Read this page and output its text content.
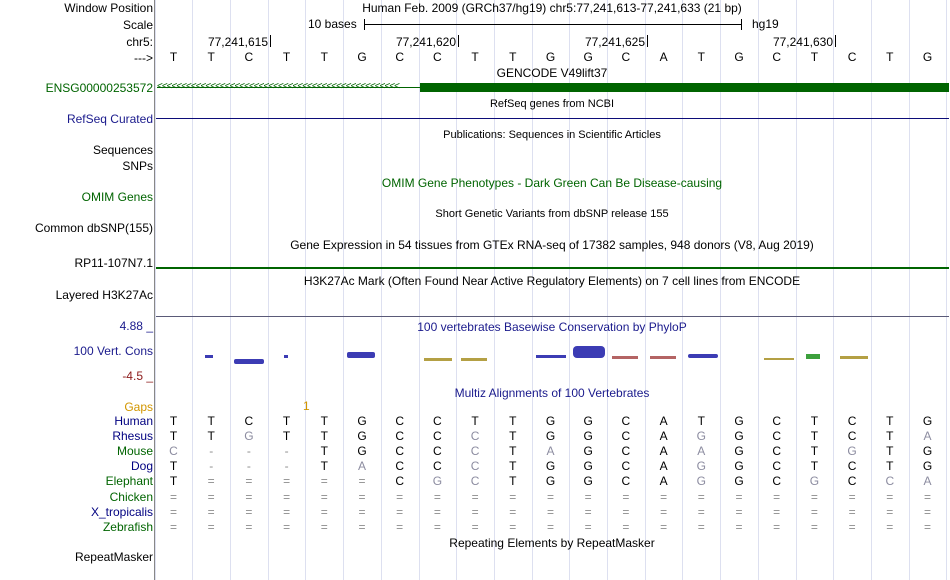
Window Position	Human Feb. 2009 (GRCh37/hg19) chr5:77,241,613-77,241,633 (21 bp)
Scale	10 bases	hg19
chr5:	77,241,615	77,241,620	77,241,625	77,241,630
--->	T	T	C	T	T	G	C	C	T	T	G	G	C	A	T	G	C	T	C	T	G
GENCODE V49lift37
ENSG00000253572
RefSeq genes from NCBI
RefSeq Curated
Publications: Sequences in Scientific Articles
Sequences
SNPs
OMIM Gene Phenotypes - Dark Green Can Be Disease-causing
OMIM Genes
Short Genetic Variants from dbSNP release 155
Common dbSNP(155)
Gene Expression in 54 tissues from GTEx RNA-seq of 17382 samples, 948 donors (V8, Aug 2019)
RP11-107N7.1
H3K27Ac Mark (Often Found Near Active Regulatory Elements) on 7 cell lines from ENCODE
Layered H3K27Ac
100 vertebrates Basewise Conservation by PhyloP
4.88 _
100 Vert. Cons
-4.5 _
Multiz Alignments of 100 Vertebrates
Gaps	1
Human	T	T	C	T	T	G	C	C	T	T	G	G	C	A	T	G	C	T	C	T	G
Rhesus	T	T	G	T	T	G	C	C	C	T	G	G	C	A	G	G	C	T	C	T	A
Mouse	C	-	-	-	T	G	C	C	C	T	A	G	C	A	A	G	C	T	G	T	G
Dog	T	-	-	-	T	A	C	C	C	T	G	G	C	A	G	G	C	T	C	T	G
Elephant	T	=	=	=	=	=	C	G	C	T	G	G	C	A	G	G	C	G	C	C	A
Chicken	=	=	=	=	=	=	=	=	=	=	=	=	=	=	=	=	=	=	=	=	=
X_tropicalis	=	=	=	=	=	=	=	=	=	=	=	=	=	=	=	=	=	=	=	=	=
Zebrafish	=	=	=	=	=	=	=	=	=	=	=	=	=	=	=	=	=	=	=	=	=
Repeating Elements by RepeatMasker
RepeatMasker
